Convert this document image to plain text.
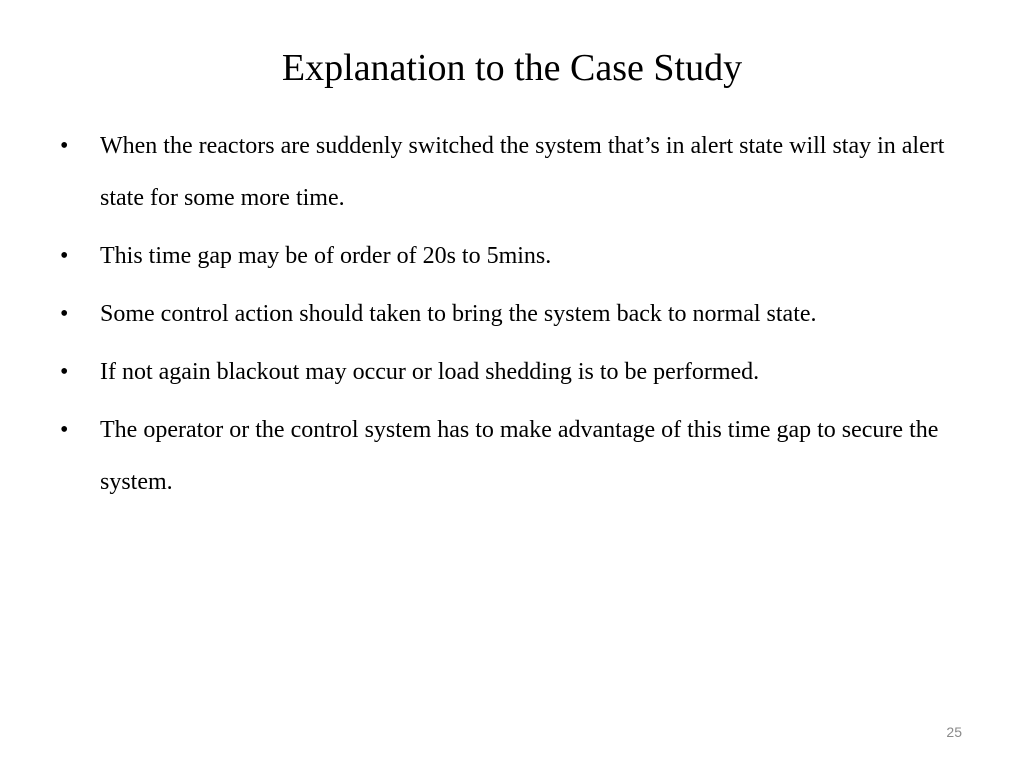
Explanation to the Case Study
•	When the reactors are suddenly switched the system that’s in alert state will stay in alert state for some more time.
•	This time gap may be of order of 20s to 5mins.
•	Some control action should taken to bring the system back to normal state.
•	If not again blackout may occur or load shedding is to be performed.
•	The operator or the control system has to make advantage of this time gap to secure the system.
25
